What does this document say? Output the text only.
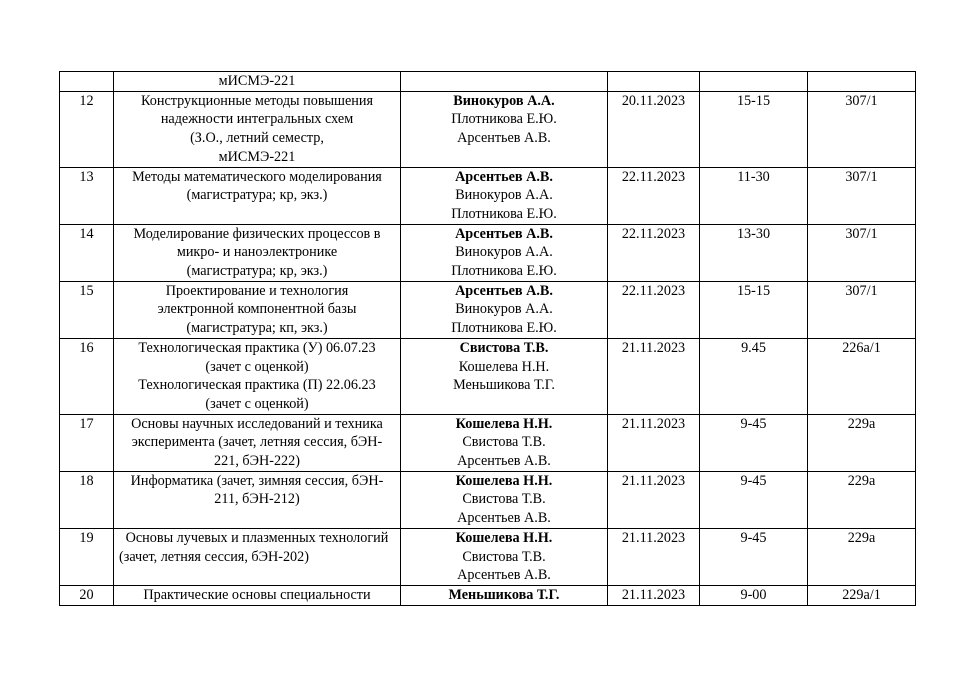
	мИСМЭ-221				

12	Конструкционные методы повышения
надежности интегральных схем
(З.О., летний семестр,
мИСМЭ-221	Винокуров А.А.
Плотникова Е.Ю.
Арсентьев А.В.	20.11.2023	15-15	307/1
13	Методы математического моделирования
(магистратура; кр, экз.)	Арсентьев А.В.
Винокуров А.А.
Плотникова Е.Ю.	22.11.2023	11-30	307/1
14	Моделирование физических процессов в
микро- и наноэлектронике
(магистратура; кр, экз.)	Арсентьев А.В.
Винокуров А.А.
Плотникова Е.Ю.	22.11.2023	13-30	307/1
15	Проектирование и технология
электронной компонентной базы
(магистратура; кп, экз.)	Арсентьев А.В.
Винокуров А.А.
Плотникова Е.Ю.	22.11.2023	15-15	307/1
16	Технологическая практика (У) 06.07.23
(зачет с оценкой)
Технологическая практика (П) 22.06.23
(зачет с оценкой)	Свистова Т.В.
Кошелева Н.Н.
Меньшикова Т.Г.	21.11.2023	9.45	226а/1
17	Основы научных исследований и техника
эксперимента (зачет, летняя сессия, бЭН-
221, бЭН-222)	Кошелева Н.Н.
Свистова Т.В.
Арсентьев А.В.	21.11.2023	9-45	229а
18	Информатика (зачет, зимняя сессия, бЭН-
211, бЭН-212)	Кошелева Н.Н.
Свистова Т.В.
Арсентьев А.В.	21.11.2023	9-45	229а
19	Основы лучевых и плазменных технологий (зачет, летняя сессия, бЭН-202)	Кошелева Н.Н.
Свистова Т.В.
Арсентьев А.В.	21.11.2023	9-45	229а
20	Практические основы специальности	Меньшикова Т.Г.	21.11.2023	9-00	229а/1
